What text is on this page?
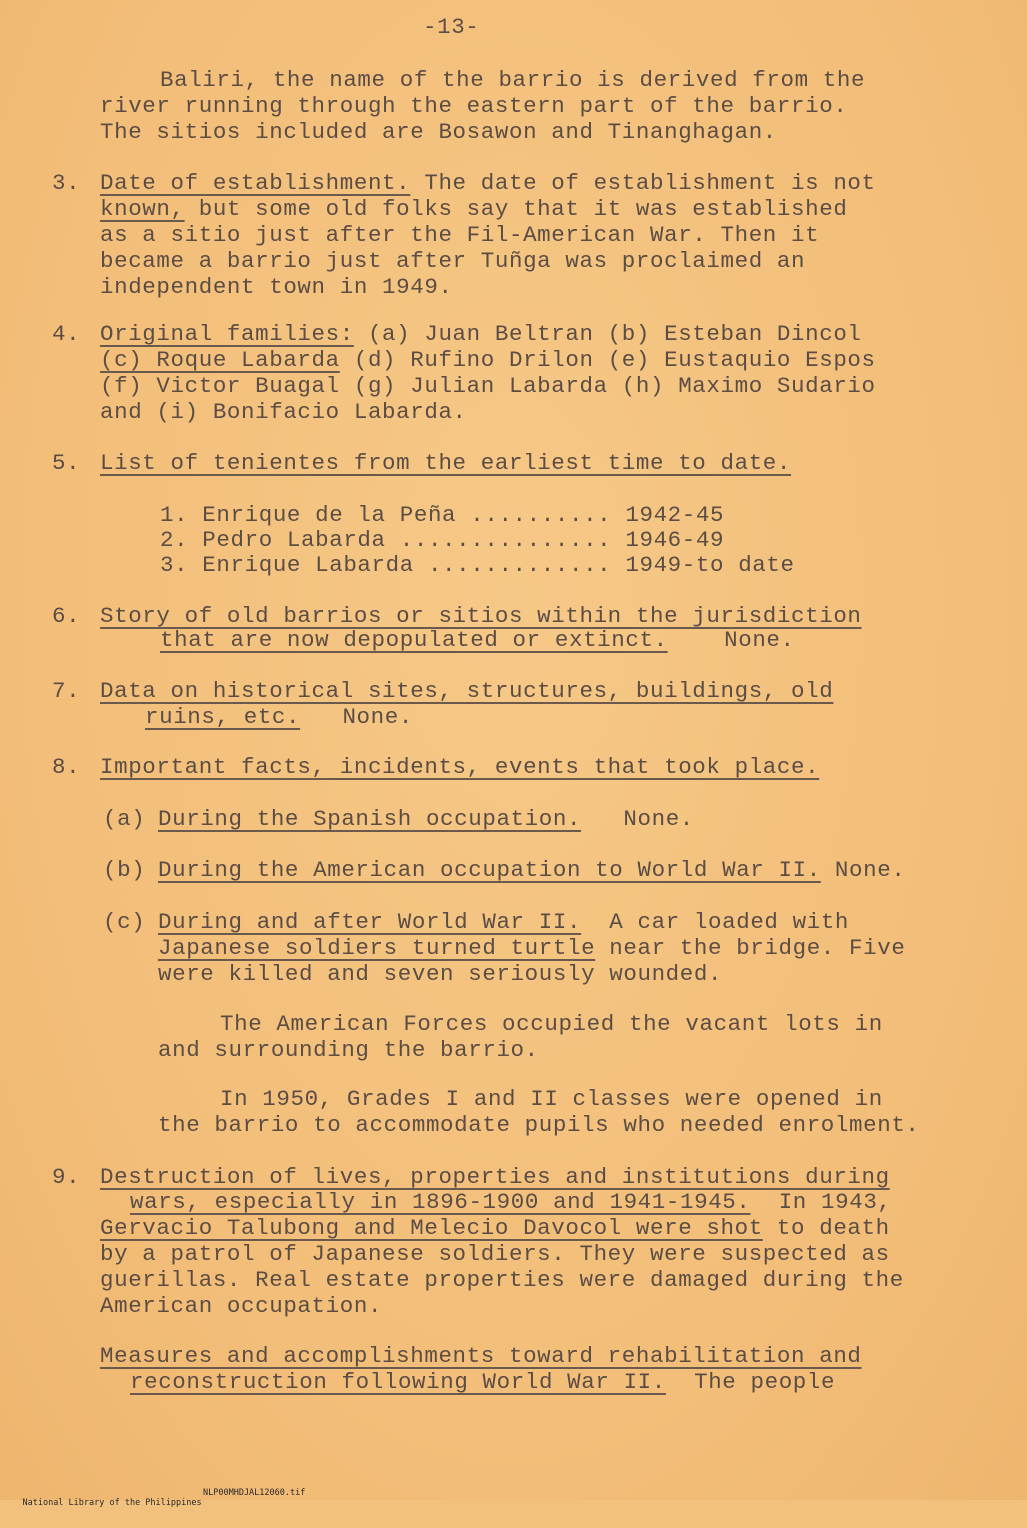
-13-
Baliri, the name of the barrio is derived from the
river running through the eastern part of the barrio.
The sitios included are Bosawon and Tinanghagan.
3. Date of establishment. The date of establishment is not
known, but some old folks say that it was established
as a sitio just after the Fil-American War. Then it
became a barrio just after Tuñga was proclaimed an
independent town in 1949.
4. Original families: (a) Juan Beltran (b) Esteban Dincol
(c) Roque Labarda (d) Rufino Drilon (e) Eustaquio Espos
(f) Victor Buagal (g) Julian Labarda (h) Maximo Sudario
and (i) Bonifacio Labarda.
5. List of tenientes from the earliest time to date.
1. Enrique de la Peña .......... 1942-45
2. Pedro Labarda ............... 1946-49
3. Enrique Labarda ............. 1949-to date
6. Story of old barrios or sitios within the jurisdiction
that are now depopulated or extinct.	None.
7. Data on historical sites, structures, buildings, old
ruins, etc. None.
8. Important facts, incidents, events that took place.
(a) During the Spanish occupation. None.
(b) During the American occupation to World War II. None.
(c) During and after World War II. A car loaded with
Japanese soldiers turned turtle near the bridge. Five
were killed and seven seriously wounded.
The American Forces occupied the vacant lots in
and surrounding the barrio.
In 1950, Grades I and II classes were opened in
the barrio to accommodate pupils who needed enrolment.
9. Destruction of lives, properties and institutions during
wars, especially in 1896-1900 and 1941-1945.  In 1943,
Gervacio Talubong and Melecio Davocol were shot to death
by a patrol of Japanese soldiers. They were suspected as
guerillas. Real estate properties were damaged during the
American occupation.
Measures and accomplishments toward rehabilitation and
reconstruction following World War II.  The people

National Library of the Philippines

NLP00MHDJAL12060.tif
